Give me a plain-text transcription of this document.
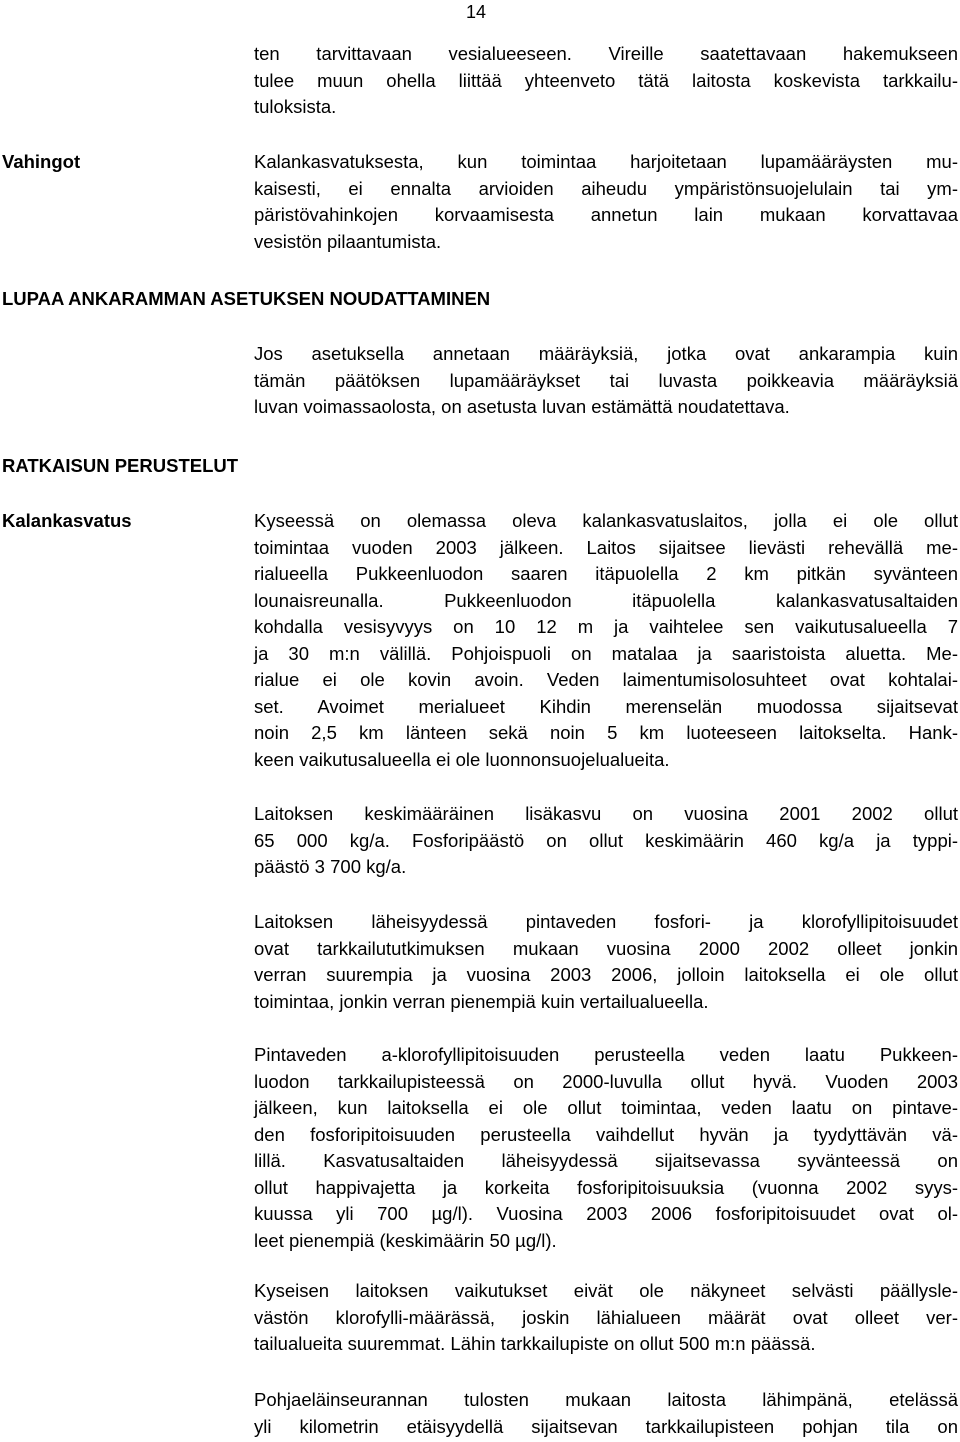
14
ten tarvittavaan vesialueeseen. Vireille saatettavaan hakemukseen
tulee muun ohella liittää yhteenveto tätä laitosta koskevista tarkkailu-
tuloksista.
Vahingot	Kalankasvatuksesta, kun toimintaa harjoitetaan lupamääräysten mu-
kaisesti, ei ennalta arvioiden aiheudu ympäristönsuojelulain tai ym-
päristövahinkojen korvaamisesta annetun lain mukaan korvattavaa
vesistön pilaantumista.
LUPAA ANKARAMMAN ASETUKSEN NOUDATTAMINEN
Jos asetuksella annetaan määräyksiä, jotka ovat ankarampia kuin
tämän päätöksen lupamääräykset tai luvasta poikkeavia määräyksiä
luvan voimassaolosta, on asetusta luvan estämättä noudatettava.
RATKAISUN PERUSTELUT
Kalankasvatus	Kyseessä on olemassa oleva kalankasvatuslaitos, jolla ei ole ollut
toimintaa vuoden 2003 jälkeen. Laitos sijaitsee lievästi rehevällä me-
rialueella Pukkeenluodon saaren itäpuolella 2 km pitkän syvänteen
lounaisreunalla. Pukkeenluodon itäpuolella kalankasvatusaltaiden
kohdalla vesisyvyys on 10 12 m ja vaihtelee sen vaikutusalueella 7
ja 30 m:n välillä. Pohjoispuoli on matalaa ja saaristoista aluetta. Me-
rialue ei ole kovin avoin. Veden laimentumisolosuhteet ovat kohtalai-
set. Avoimet merialueet Kihdin merenselän muodossa sijaitsevat
noin 2,5 km länteen sekä noin 5 km luoteeseen laitokselta. Hank-
keen vaikutusalueella ei ole luonnonsuojelualueita.
Laitoksen keskimääräinen lisäkasvu on vuosina 2001 2002 ollut
65 000 kg/a. Fosforipäästö on ollut keskimäärin 460 kg/a ja typpi-
päästö 3 700 kg/a.
Laitoksen läheisyydessä pintaveden fosfori- ja klorofyllipitoisuudet
ovat tarkkailututkimuksen mukaan vuosina 2000 2002 olleet jonkin
verran suurempia ja vuosina 2003 2006, jolloin laitoksella ei ole ollut
toimintaa, jonkin verran pienempiä kuin vertailualueella.
Pintaveden a-klorofyllipitoisuuden perusteella veden laatu Pukkeen-
luodon tarkkailupisteessä on 2000-luvulla ollut hyvä. Vuoden 2003
jälkeen, kun laitoksella ei ole ollut toimintaa, veden laatu on pintave-
den fosforipitoisuuden perusteella vaihdellut hyvän ja tyydyttävän vä-
lillä. Kasvatusaltaiden läheisyydessä sijaitsevassa syvänteessä on
ollut happivajetta ja korkeita fosforipitoisuuksia (vuonna 2002 syys-
kuussa yli 700 µg/l). Vuosina 2003 2006 fosforipitoisuudet ovat ol-
leet pienempiä (keskimäärin 50 µg/l).
Kyseisen laitoksen vaikutukset eivät ole näkyneet selvästi päällysle-
västön klorofylli-määrässä, joskin lähialueen määrät ovat olleet ver-
tailualueita suuremmat. Lähin tarkkailupiste on ollut 500 m:n päässä.
Pohjaeläinseurannan tulosten mukaan laitosta lähimpänä, etelässä
yli kilometrin etäisyydellä sijaitsevan tarkkailupisteen pohjan tila on
